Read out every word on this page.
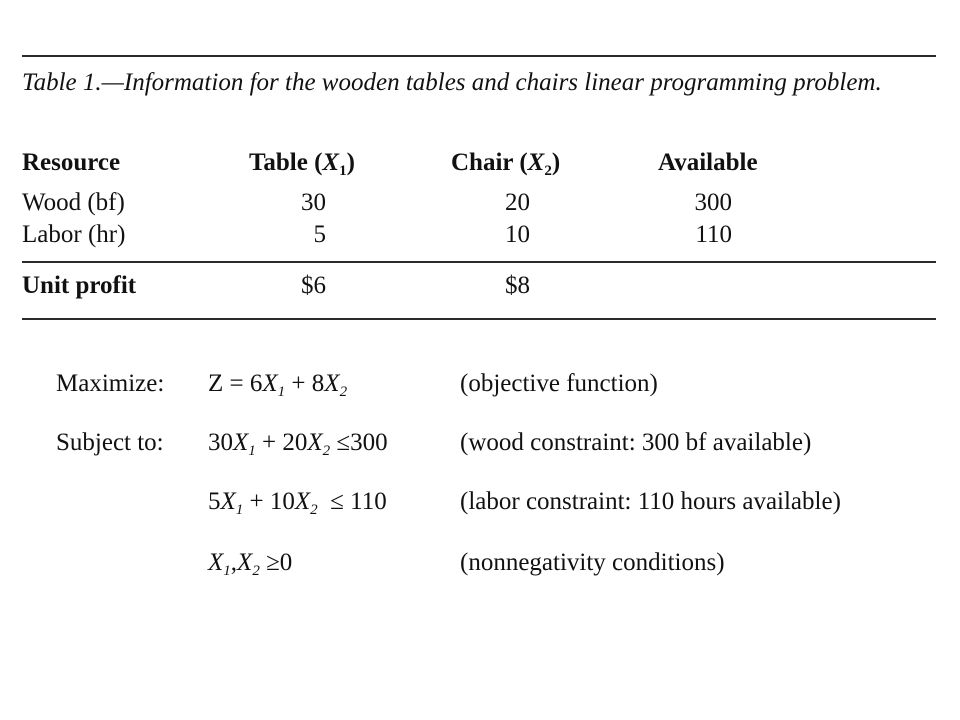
Table 1.—Information for the wooden tables and chairs linear programming problem.
Resource	Table $(X_1)$	Chair $(X_2)$	Available
Wood (bf)	30	20	300
Labor (hr)	5	10	110
Unit profit	$6	$8
Maximize: $Z = 6X_1 + 8X_2$	(objective function)
Subject to: $30X_1 + 20X_2 \le 300$	(wood constraint: 300 bf available)
$5X_1 + 10X_2 \le 110$	(labor constraint: 110 hours available)
$X_1,X_2 \ge 0$	(nonnegativity conditions)
